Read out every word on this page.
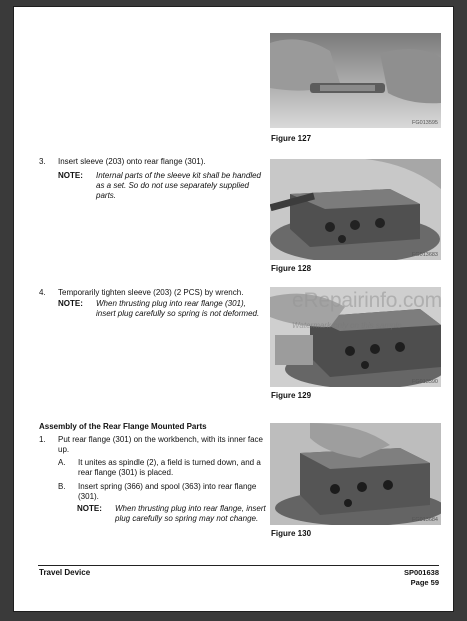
FG013595
Figure 127
3. Insert sleeve (203) onto rear flange (301).
NOTE: Internal parts of the sleeve kit shall be handled as a set. So do not use separately supplied parts.
FG013683
Figure 128
4. Temporarily tighten sleeve (203) (2 PCS) by wrench.
NOTE: When thrusting plug into rear flange (301), insert plug carefully so spring is not deformed.
FG013590
Figure 129
Assembly of the Rear Flange Mounted Parts
1. Put rear flange (301) on the workbench, with its inner face up.
A. It unites as spindle (2), a field is turned down, and a rear flange (301) is placed.
B. Insert spring (366) and spool (363) into rear flange (301).
NOTE: When thrusting plug into rear flange, insert plug carefully so spring may not change.	FG013684
Figure 130
eRepairinfo.com
Watermark only on this sample
Travel Device	SP001638
Page 59
